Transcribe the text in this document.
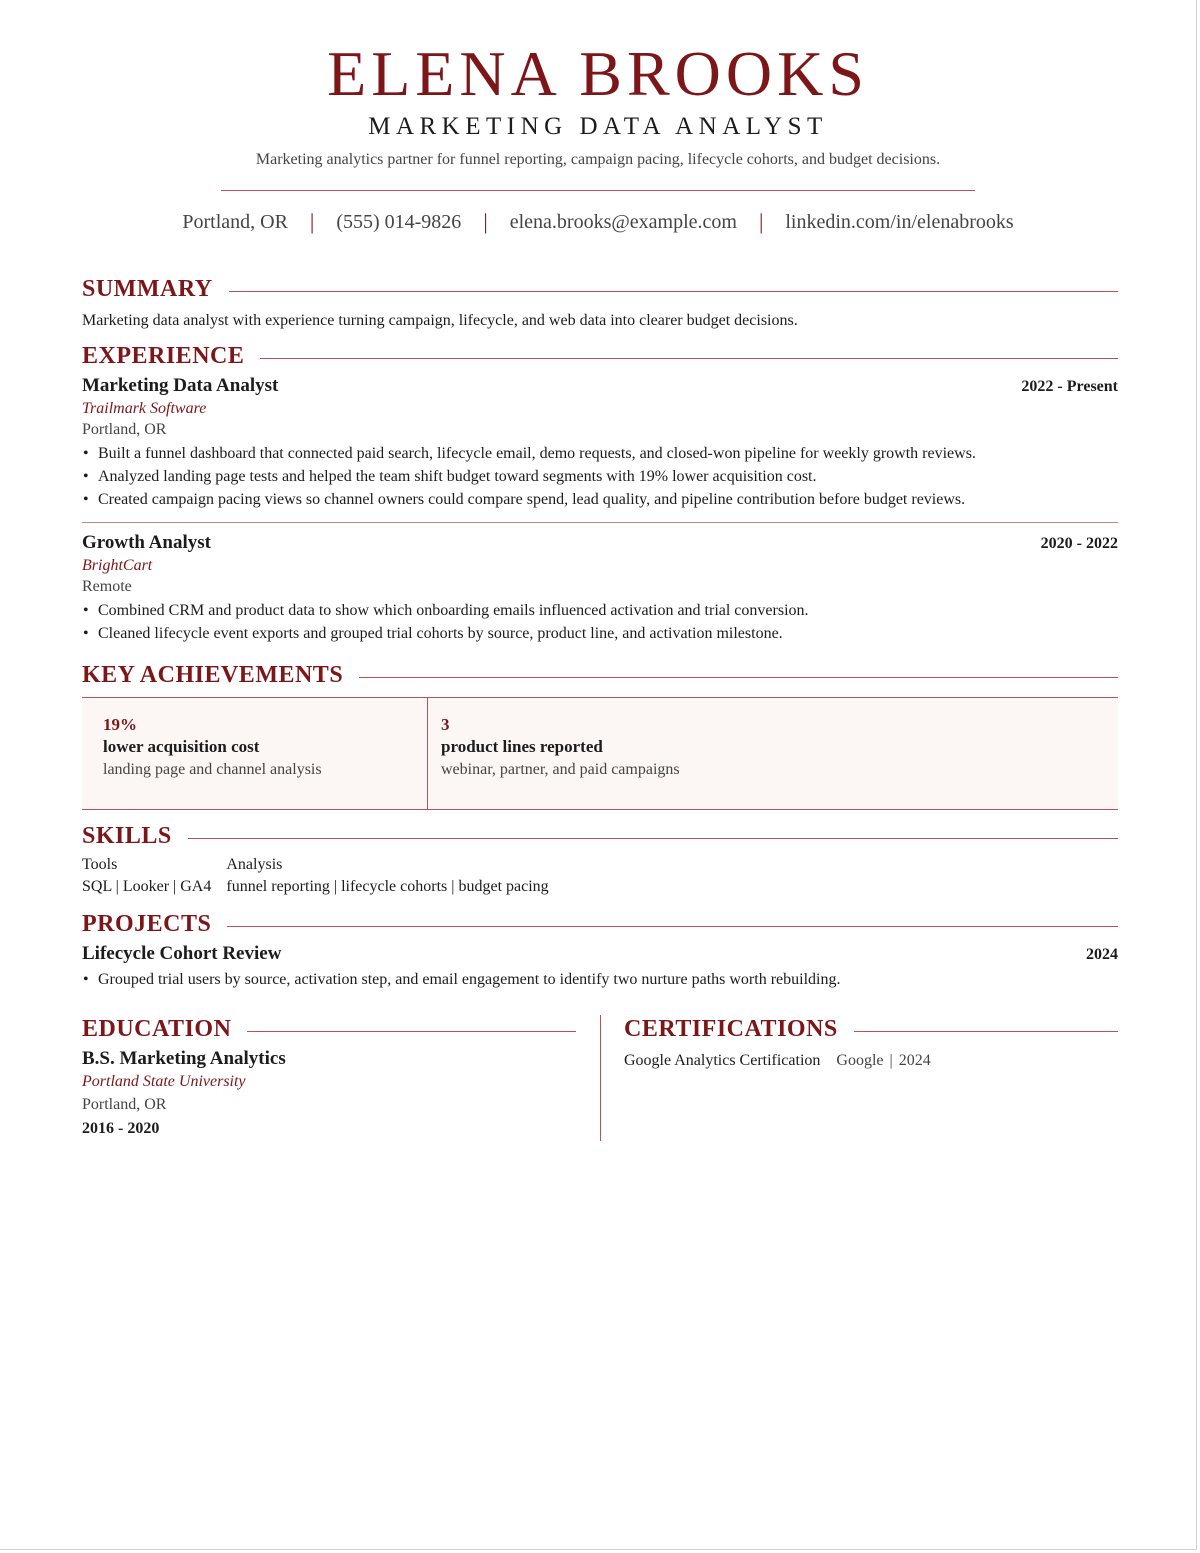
ELENA BROOKS
MARKETING DATA ANALYST
Marketing analytics partner for funnel reporting, campaign pacing, lifecycle cohorts, and budget decisions.
Portland, OR | (555) 014-9826 | elena.brooks@example.com | linkedin.com/in/elenabrooks
SUMMARY
Marketing data analyst with experience turning campaign, lifecycle, and web data into clearer budget decisions.
EXPERIENCE
Marketing Data Analyst	2022 - Present
Trailmark Software
Portland, OR
• Built a funnel dashboard that connected paid search, lifecycle email, demo requests, and closed-won pipeline for weekly growth reviews.
• Analyzed landing page tests and helped the team shift budget toward segments with 19% lower acquisition cost.
• Created campaign pacing views so channel owners could compare spend, lead quality, and pipeline contribution before budget reviews.
Growth Analyst	2020 - 2022
BrightCart
Remote
• Combined CRM and product data to show which onboarding emails influenced activation and trial conversion.
• Cleaned lifecycle event exports and grouped trial cohorts by source, product line, and activation milestone.
KEY ACHIEVEMENTS
19%
lower acquisition cost
landing page and channel analysis
3
product lines reported
webinar, partner, and paid campaigns
SKILLS
Tools
SQL | Looker | GA4
Analysis
funnel reporting | lifecycle cohorts | budget pacing
PROJECTS
Lifecycle Cohort Review	2024
• Grouped trial users by source, activation step, and email engagement to identify two nurture paths worth rebuilding.
EDUCATION
B.S. Marketing Analytics
Portland State University
Portland, OR
2016 - 2020
CERTIFICATIONS
Google Analytics Certification Google | 2024
